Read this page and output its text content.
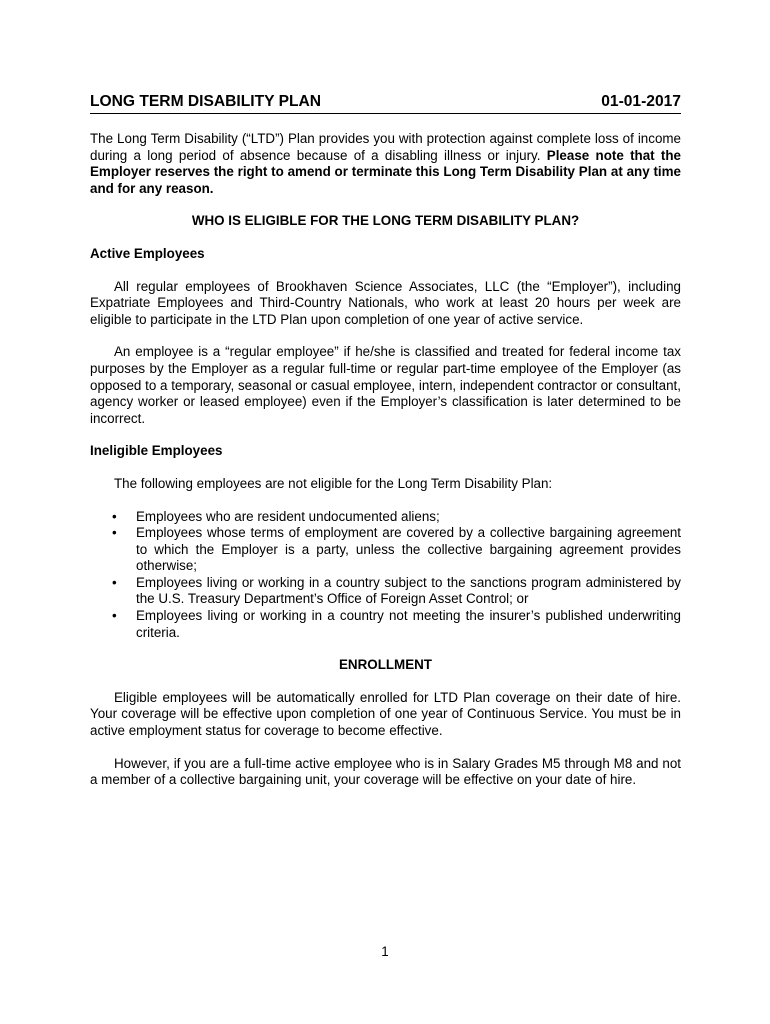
LONG TERM DISABILITY PLAN	01-01-2017

The Long Term Disability (“LTD”) Plan provides you with protection against complete loss of income during a long period of absence because of a disabling illness or injury. Please note that the Employer reserves the right to amend or terminate this Long Term Disability Plan at any time and for any reason.

WHO IS ELIGIBLE FOR THE LONG TERM DISABILITY PLAN?
Active Employees

All regular employees of Brookhaven Science Associates, LLC (the “Employer”), including Expatriate Employees and Third-Country Nationals, who work at least 20 hours per week are eligible to participate in the LTD Plan upon completion of one year of active service.

An employee is a “regular employee” if he/she is classified and treated for federal income tax purposes by the Employer as a regular full-time or regular part-time employee of the Employer (as opposed to a temporary, seasonal or casual employee, intern, independent contractor or consultant, agency worker or leased employee) even if the Employer’s classification is later determined to be incorrect.

Ineligible Employees

The following employees are not eligible for the Long Term Disability Plan:

• Employees who are resident undocumented aliens;
• Employees whose terms of employment are covered by a collective bargaining agreement to which the Employer is a party, unless the collective bargaining agreement provides otherwise;
• Employees living or working in a country subject to the sanctions program administered by the U.S. Treasury Department’s Office of Foreign Asset Control; or
• Employees living or working in a country not meeting the insurer’s published underwriting criteria.
ENROLLMENT

Eligible employees will be automatically enrolled for LTD Plan coverage on their date of hire. Your coverage will be effective upon completion of one year of Continuous Service. You must be in active employment status for coverage to become effective.

However, if you are a full-time active employee who is in Salary Grades M5 through M8 and not a member of a collective bargaining unit, your coverage will be effective on your date of hire.

1
